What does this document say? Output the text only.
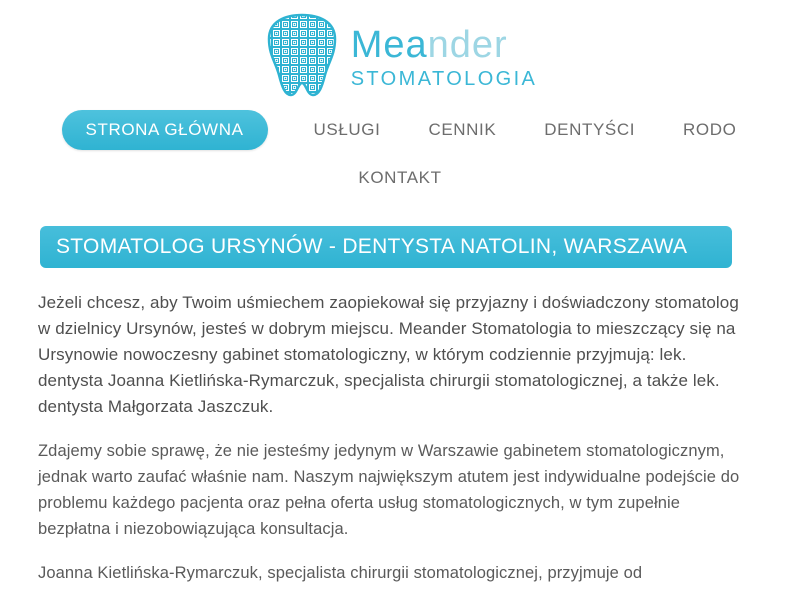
Meander
STOMATOLOGIA
STRONA GŁÓWNA	USŁUGI	CENNIK	DENTYŚCI	RODO
KONTAKT
STOMATOLOG URSYNÓW - DENTYSTA NATOLIN, WARSZAWA

Jeżeli chcesz, aby Twoim uśmiechem zaopiekował się przyjazny i doświadczony stomatolog w dzielnicy Ursynów, jesteś w dobrym miejscu. Meander Stomatologia to mieszczący się na Ursynowie nowoczesny gabinet stomatologiczny, w którym codziennie przyjmują: lek. dentysta Joanna Kietlińska-Rymarczuk, specjalista chirurgii stomatologicznej, a także lek. dentysta Małgorzata Jaszczuk.

Zdajemy sobie sprawę, że nie jesteśmy jedynym w Warszawie gabinetem stomatologicznym, jednak warto zaufać właśnie nam. Naszym największym atutem jest indywidualne podejście do problemu każdego pacjenta oraz pełna oferta usług stomatologicznych, w tym zupełnie bezpłatna i niezobowiązująca konsultacja.

Joanna Kietlińska-Rymarczuk, specjalista chirurgii stomatologicznej, przyjmuje od
